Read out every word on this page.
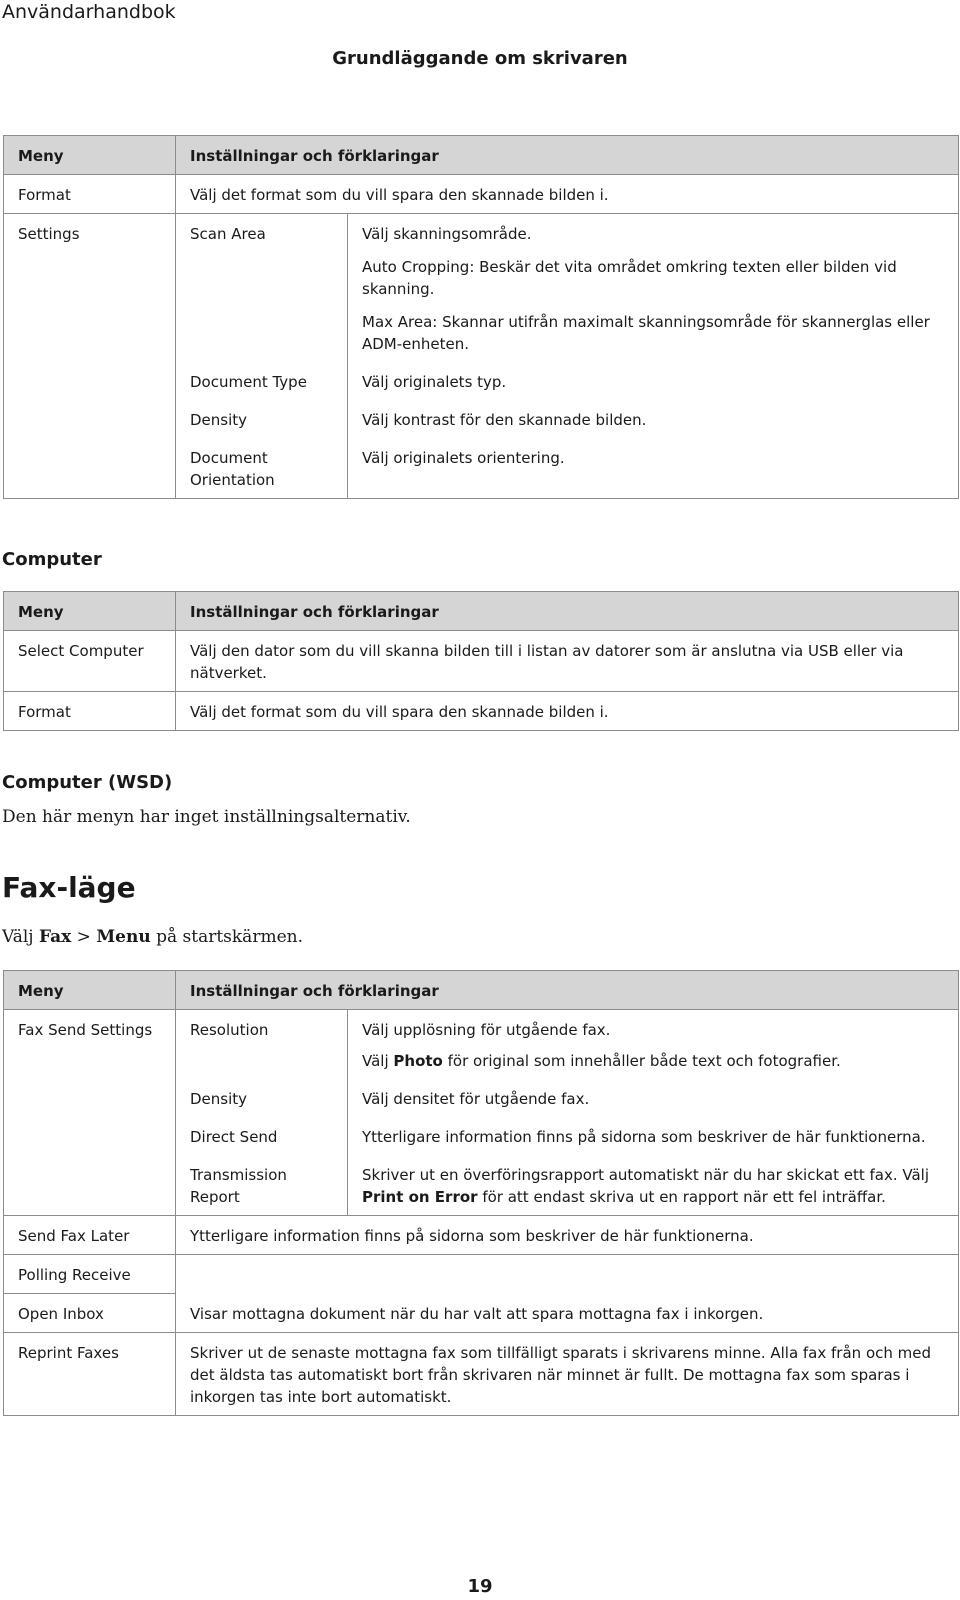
Användarhandbok
Grundläggande om skrivaren
Meny	Inställningar och förklaringar	
Format	Välj det format som du vill spara den skannade bilden i.	
Settings	Scan Area	Välj skanningsområde.
Auto Cropping: Beskär det vita området omkring texten eller bilden vid skanning.
Max Area: Skannar utifrån maximalt skanningsområde för skannerglas eller ADM-enheten.

	Document Type	Välj originalets typ.
	Density	Välj kontrast för den skannade bilden.
	Document Orientation	Välj originalets orientering.
Computer
Meny	Inställningar och förklaringar
Select Computer	Välj den dator som du vill skanna bilden till i listan av datorer som är anslutna via USB eller via nätverket.
Format	Välj det format som du vill spara den skannade bilden i.
Computer (WSD)
Den här menyn har inget inställningsalternativ.
Fax-läge
Välj Fax > Menu på startskärmen.
Meny	Inställningar och förklaringar	
Fax Send Settings	Resolution	Välj upplösning för utgående fax.
		Välj Photo för original som innehåller både text och fotografier.
	Density	Välj densitet för utgående fax.
	Direct Send	Ytterligare information finns på sidorna som beskriver de här funktionerna.
	Transmission Report	Skriver ut en överföringsrapport automatiskt när du har skickat ett fax. Välj Print on Error för att endast skriva ut en rapport när ett fel inträffar.
Send Fax Later	Ytterligare information finns på sidorna som beskriver de här funktionerna.	
Polling Receive		
Open Inbox	Visar mottagna dokument när du har valt att spara mottagna fax i inkorgen.	
Reprint Faxes	Skriver ut de senaste mottagna fax som tillfälligt sparats i skrivarens minne. Alla fax från och med det äldsta tas automatiskt bort från skrivaren när minnet är fullt. De mottagna fax som sparas i inkorgen tas inte bort automatiskt.	
19
